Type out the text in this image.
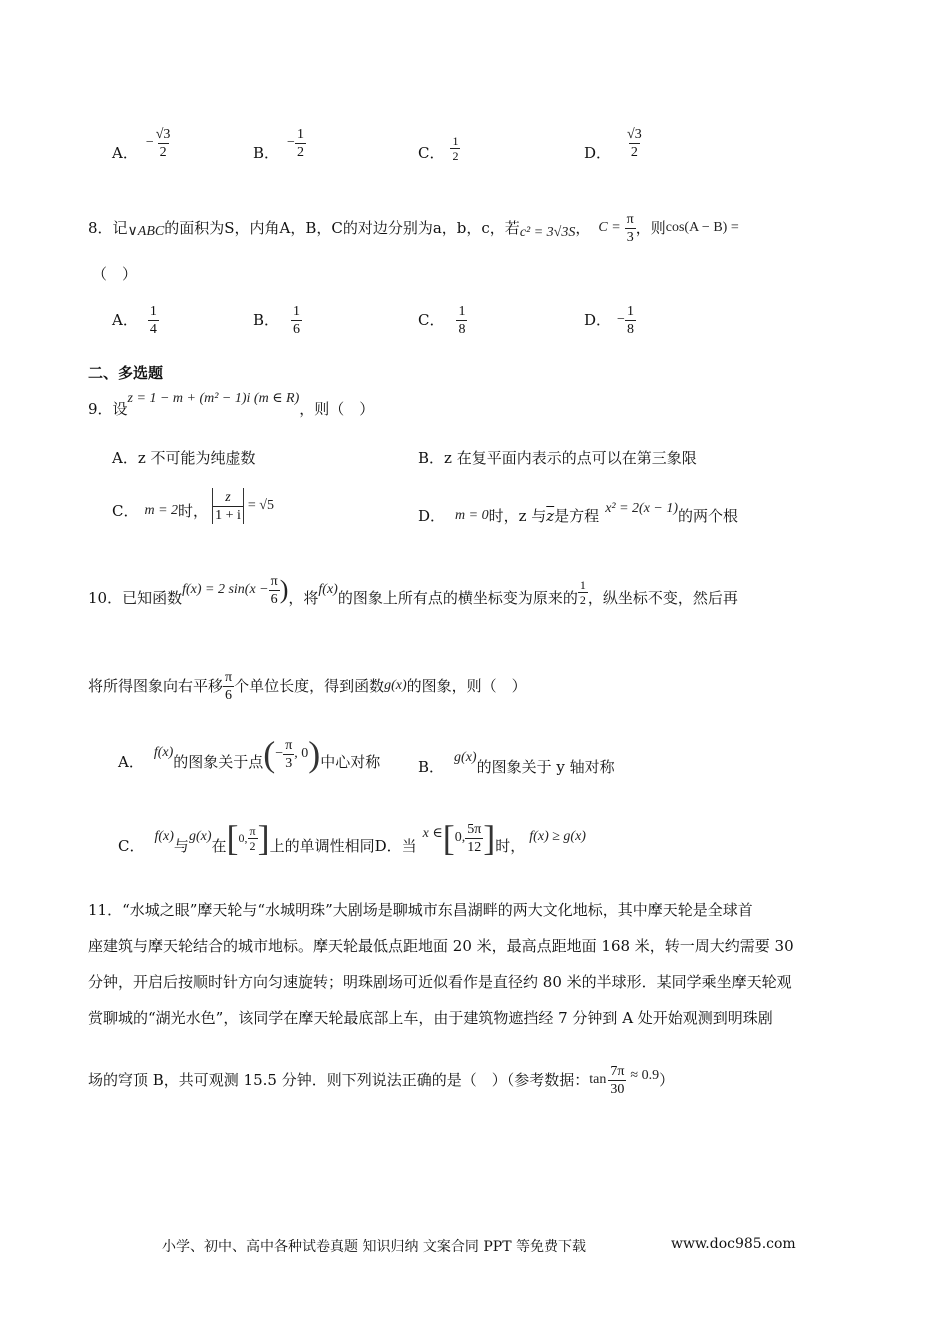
A．
− $\frac{√3}{2}$	B．
− $\frac{1}{2}$	C． $\frac{1}{2}$	D． $\frac{√3}{2}$
8．记 ∨ABC 的面积为S，内角A，B，C的对边分别为a，b，c，若 c² = 3√3S ， $C = \frac{\pi}{3}$ ，则 cos(A − B) =
（　）
A． $\frac{1}{4}$	B． $\frac{1}{6}$	C． $\frac{1}{8}$	D． − $\frac{1}{8}$
二、多选题
9．设
z = 1 − m + (m² − 1)i (m ∈ R)
，则（　）
A．z 不可能为纯虚数	B．z 在复平面内表示的点可以在第三象限
C． m = 2 时， $\frac{z}{1 + i} = √5$
D． m = 0 时，z 与 $\overline{z}$ 是方程 x² = 2(x − 1) 的两个根
10．已知函数 f(x) = 2 $\sin(x - \frac{\pi}{6}$ ) ，将 f(x) 的图象上所有点的横坐标变为原来的 $\frac{1}{2}$ ，纵坐标不变，然后再
将所得图象向右平移 $\frac{\pi}{6}$ 个单位长度，得到函数 g(x) 的图象，则（　）
A．
f(x)
的图象关于点 ( − $\frac{\pi}{3}$ , 0 ) 中心对称	B．
g(x)
的图象关于 y 轴对称
C．
f(x)
与
g(x)
在 [ 0, $\frac{\pi}{2}$ ] 上的单调性相同 D． 当
x ∈ [ 0, $\frac{5\pi}{12}$ ] 时，
f(x) ≥ g(x)
11．“水城之眼”摩天轮与“水城明珠”大剧场是聊城市东昌湖畔的两大文化地标，其中摩天轮是全球首
座建筑与摩天轮结合的城市地标。摩天轮最低点距地面 20 米，最高点距地面 168 米，转一周大约需要 30
分钟，开启后按顺时针方向匀速旋转；明珠剧场可近似看作是直径约 80 米的半球形．某同学乘坐摩天轮观
赏聊城的“湖光水色”，该同学在摩天轮最底部上车，由于建筑物遮挡经 7 分钟到 A 处开始观测到明珠剧
场的穹顶 B，共可观测 15.5 分钟．则下列说法正确的是（　）（参考数据： $\tan \frac{7\pi}{30} \approx 0.9$ ）
小学、初中、高中各种试卷真题 知识归纳 文案合同 PPT 等免费下载	www.doc985.com
